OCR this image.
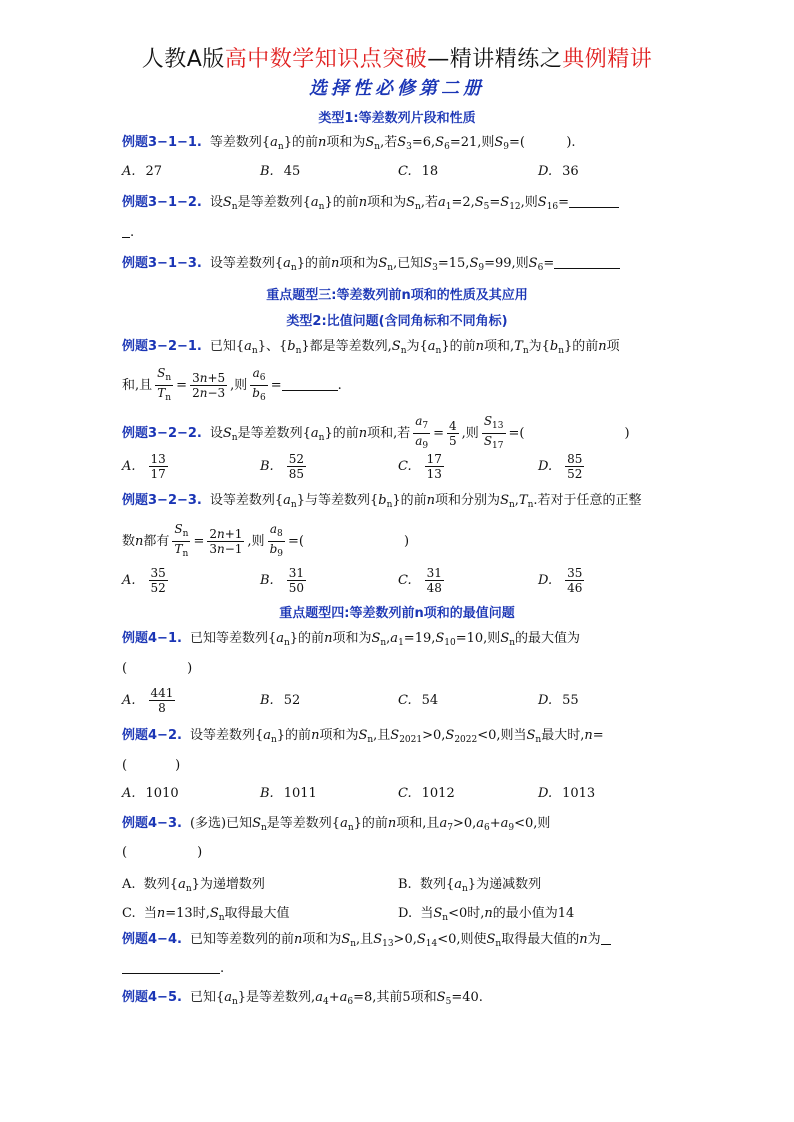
人教A版高中数学知识点突破—精讲精练之典例精讲
选择性必修第二册
类型1:等差数列片段和性质
例题3−1−1. 等差数列$\{a_n\}$的前n项和为$S_n$,若$S_3=6,S_6=21$,则$S_9=$(          ).
A. 27	B. 45	C. 18	D. 36
例题3−1−2. 设$S_n$是等差数列$\{a_n\}$的前n项和为$S_n$,若$a_1=2,S_5=S_{12}$,则$S_{16}=$
.
例题3−1−3. 设等差数列$\{a_n\}$的前n项和为$S_n$,已知$S_3=15,S_9=99$,则$S_6=$
重点题型三:等差数列前n项和的性质及其应用
类型2:比值问题(含同角标和不同角标)
例题3−2−1. 已知$\{a_n\}$、$\{b_n\}$都是等差数列$,S_n$为$\{a_n\}$的前n项和$,T_n$为$\{b_n\}$的前n项
和,且 $\frac{S_n}{T_n} = \frac{3n+5}{2n-3}$ ,则 $\frac{a_6}{b_6}$ =	.
例题3−2−2. 设$S_n$是等差数列$\{a_n\}$的前n项和,若 $\frac{a_7}{a_9} = \frac{4}{5}$ ,则 $\frac{S_{13}}{S_{17}}$ =(	)
A. $\frac{13}{17}$	B. $\frac{52}{85}$	C. $\frac{17}{13}$	D. $\frac{85}{52}$
例题3−2−3. 设等差数列$\{a_n\}$与等差数列$\{b_n\}$的前n项和分别为$S_n,T_n$.若对于任意的正整
数n都有 $\frac{S_n}{T_n} = \frac{2n+1}{3n-1}$ ,则 $\frac{a_8}{b_9}$ =(	)
A. $\frac{35}{52}$	B. $\frac{31}{50}$	C. $\frac{31}{48}$	D. $\frac{35}{46}$
重点题型四:等差数列前n项和的最值问题
例题4−1. 已知等差数列$\{a_n\}$的前n项和为$S_n,a_1=19,S_{10}=10$,则$S_n$的最大值为
(	)
A. $\frac{441}{8}$	B. 52	C. 54	D. 55
例题4−2. 设等差数列$\{a_n\}$的前n项和为$S_n$,且$S_{2021}>0,S_{2022}<0$,则当$S_n$最大时,n=
(	)
A. 1010	B. 1011	C. 1012	D. 1013
例题4−3. (多选)已知$S_n$是等差数列$\{a_n\}$的前n项和,且$a_7>0,a_6+a_9<0$,则
(	)
A.  数列$\{a_n\}$为递增数列	B.  数列$\{a_n\}$为递减数列
C.  当n=13时$,S_n$取得最大值	D.  当$S_n<0$时,n的最小值为14
例题4−4. 已知等差数列的前n项和为$S_n$,且$S_{13}>0,S_{14}<0$,则使$S_n$取得最大值的n为
.
例题4−5. 已知$\{a_n\}$是等差数列$,a_4+a_6=8$,其前5项和$S_5=40$.
